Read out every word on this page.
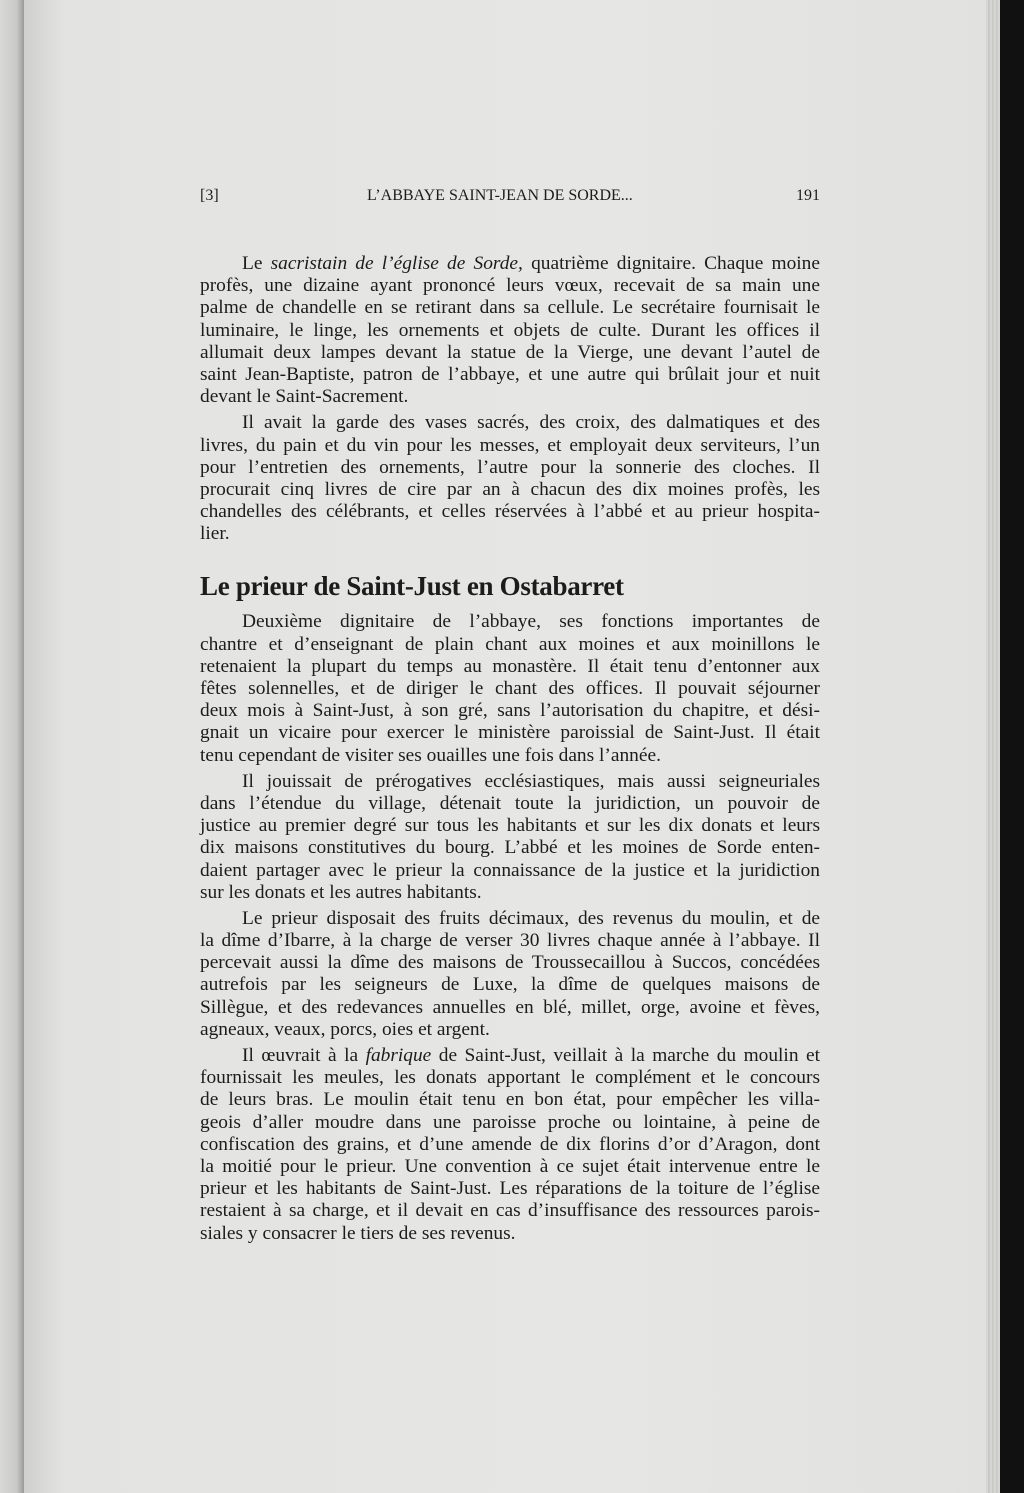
[3]	L’ABBAYE SAINT-JEAN DE SORDE...	191
Le sacristain de l’église de Sorde, quatrième dignitaire. Chaque moine
profès, une dizaine ayant prononcé leurs vœux, recevait de sa main une
palme de chandelle en se retirant dans sa cellule. Le secrétaire fournisait le
luminaire, le linge, les ornements et objets de culte. Durant les offices il
allumait deux lampes devant la statue de la Vierge, une devant l’autel de
saint Jean-Baptiste, patron de l’abbaye, et une autre qui brûlait jour et nuit
devant le Saint-Sacrement.
Il avait la garde des vases sacrés, des croix, des dalmatiques et des
livres, du pain et du vin pour les messes, et employait deux serviteurs, l’un
pour l’entretien des ornements, l’autre pour la sonnerie des cloches. Il
procurait cinq livres de cire par an à chacun des dix moines profès, les
chandelles des célébrants, et celles réservées à l’abbé et au prieur hospita-
lier.
Le prieur de Saint-Just en Ostabarret
Deuxième dignitaire de l’abbaye, ses fonctions importantes de
chantre et d’enseignant de plain chant aux moines et aux moinillons le
retenaient la plupart du temps au monastère. Il était tenu d’entonner aux
fêtes solennelles, et de diriger le chant des offices. Il pouvait séjourner
deux mois à Saint-Just, à son gré, sans l’autorisation du chapitre, et dési-
gnait un vicaire pour exercer le ministère paroissial de Saint-Just. Il était
tenu cependant de visiter ses ouailles une fois dans l’année.
Il jouissait de prérogatives ecclésiastiques, mais aussi seigneuriales
dans l’étendue du village, détenait toute la juridiction, un pouvoir de
justice au premier degré sur tous les habitants et sur les dix donats et leurs
dix maisons constitutives du bourg. L’abbé et les moines de Sorde enten-
daient partager avec le prieur la connaissance de la justice et la juridiction
sur les donats et les autres habitants.
Le prieur disposait des fruits décimaux, des revenus du moulin, et de
la dîme d’Ibarre, à la charge de verser 30 livres chaque année à l’abbaye. Il
percevait aussi la dîme des maisons de Troussecaillou à Succos, concédées
autrefois par les seigneurs de Luxe, la dîme de quelques maisons de
Sillègue, et des redevances annuelles en blé, millet, orge, avoine et fèves,
agneaux, veaux, porcs, oies et argent.
Il œuvrait à la fabrique de Saint-Just, veillait à la marche du moulin et
fournissait les meules, les donats apportant le complément et le concours
de leurs bras. Le moulin était tenu en bon état, pour empêcher les villa-
geois d’aller moudre dans une paroisse proche ou lointaine, à peine de
confiscation des grains, et d’une amende de dix florins d’or d’Aragon, dont
la moitié pour le prieur. Une convention à ce sujet était intervenue entre le
prieur et les habitants de Saint-Just. Les réparations de la toiture de l’église
restaient à sa charge, et il devait en cas d’insuffisance des ressources parois-
siales y consacrer le tiers de ses revenus.
